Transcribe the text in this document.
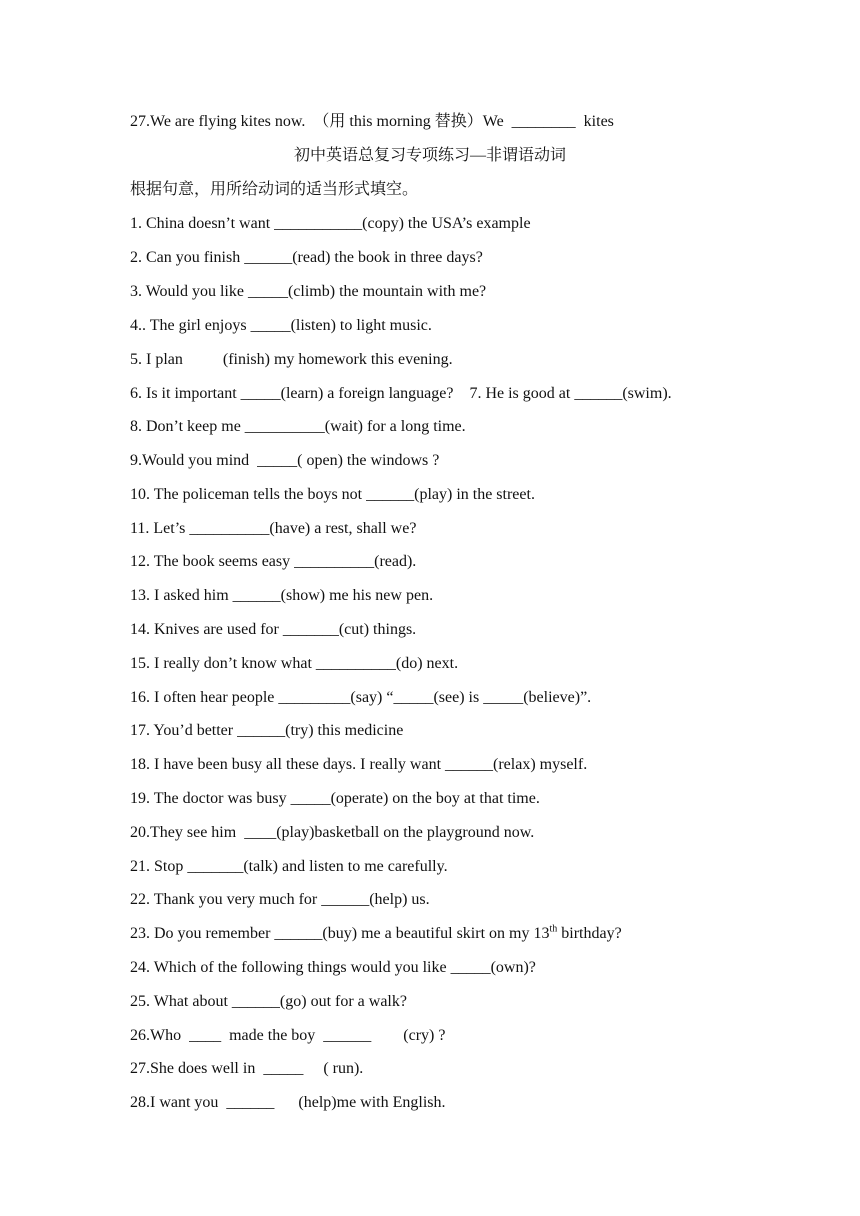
27.We are flying kites now.  （用 this morning 替换）We  ________  kites
初中英语总复习专项练习—非谓语动词
根据句意，用所给动词的适当形式填空。
1. China doesn’t want ___________(copy) the USA’s example
2. Can you finish ______(read) the book in three days?
3. Would you like _____(climb) the mountain with me?
4.. The girl enjoys _____(listen) to light music.
5. I plan          (finish) my homework this evening.
6. Is it important _____(learn) a foreign language?    7. He is good at ______(swim).
8. Don’t keep me __________(wait) for a long time.
9.Would you mind  _____( open) the windows ?
10. The policeman tells the boys not ______(play) in the street.
11. Let’s __________(have) a rest, shall we?
12. The book seems easy __________(read).
13. I asked him ______(show) me his new pen.
14. Knives are used for _______(cut) things.
15. I really don’t know what __________(do) next.
16. I often hear people _________(say) “_____(see) is _____(believe)”.
17. You’d better ______(try) this medicine
18. I have been busy all these days. I really want ______(relax) myself.
19. The doctor was busy _____(operate) on the boy at that time.
20.They see him  ____(play)basketball on the playground now.
21. Stop _______(talk) and listen to me carefully.
22. Thank you very much for ______(help) us.
23. Do you remember ______(buy) me a beautiful skirt on my 13th birthday?
24. Which of the following things would you like _____(own)?
25. What about ______(go) out for a walk?
26.Who  ____  made the boy  ______        (cry) ?
27.She does well in  _____     ( run).
28.I want you  ______      (help)me with English.
